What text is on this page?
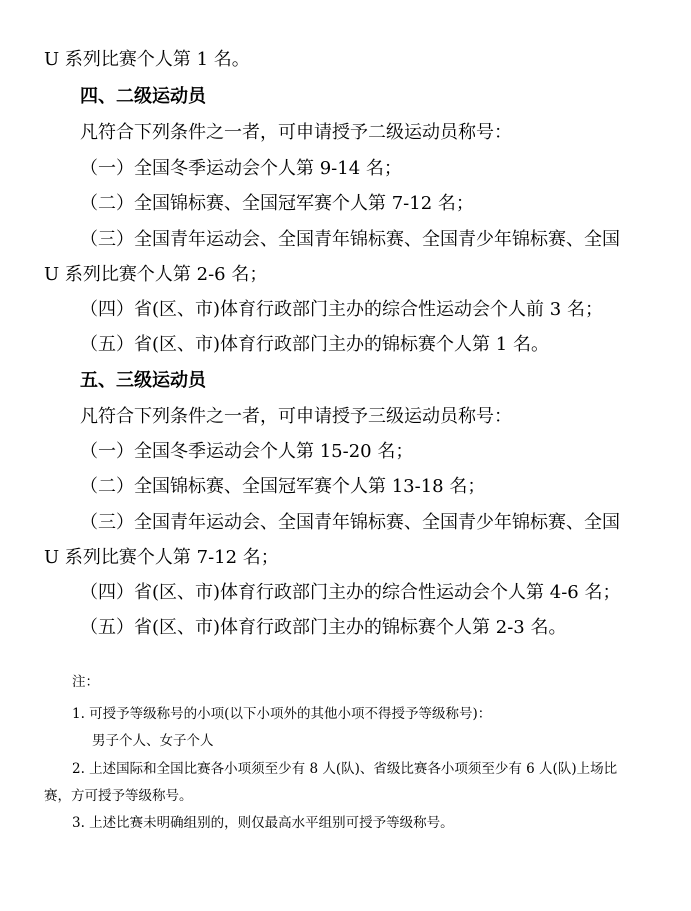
U 系列比赛个人第 1 名。
四、二级运动员
凡符合下列条件之一者，可申请授予二级运动员称号：
（一）全国冬季运动会个人第 9-14 名；
（二）全国锦标赛、全国冠军赛个人第 7-12 名；
（三）全国青年运动会、全国青年锦标赛、全国青少年锦标赛、全国
U 系列比赛个人第 2-6 名；
（四）省(区、市)体育行政部门主办的综合性运动会个人前 3 名；
（五）省(区、市)体育行政部门主办的锦标赛个人第 1 名。
五、三级运动员
凡符合下列条件之一者，可申请授予三级运动员称号：
（一）全国冬季运动会个人第 15-20 名；
（二）全国锦标赛、全国冠军赛个人第 13-18 名；
（三）全国青年运动会、全国青年锦标赛、全国青少年锦标赛、全国
U 系列比赛个人第 7-12 名；
（四）省(区、市)体育行政部门主办的综合性运动会个人第 4-6 名；
（五）省(区、市)体育行政部门主办的锦标赛个人第 2-3 名。
注：
1. 可授予等级称号的小项(以下小项外的其他小项不得授予等级称号)：
男子个人、女子个人
2. 上述国际和全国比赛各小项须至少有 8 人(队)、省级比赛各小项须至少有 6 人(队)上场比
赛，方可授予等级称号。
3. 上述比赛未明确组别的，则仅最高水平组别可授予等级称号。
